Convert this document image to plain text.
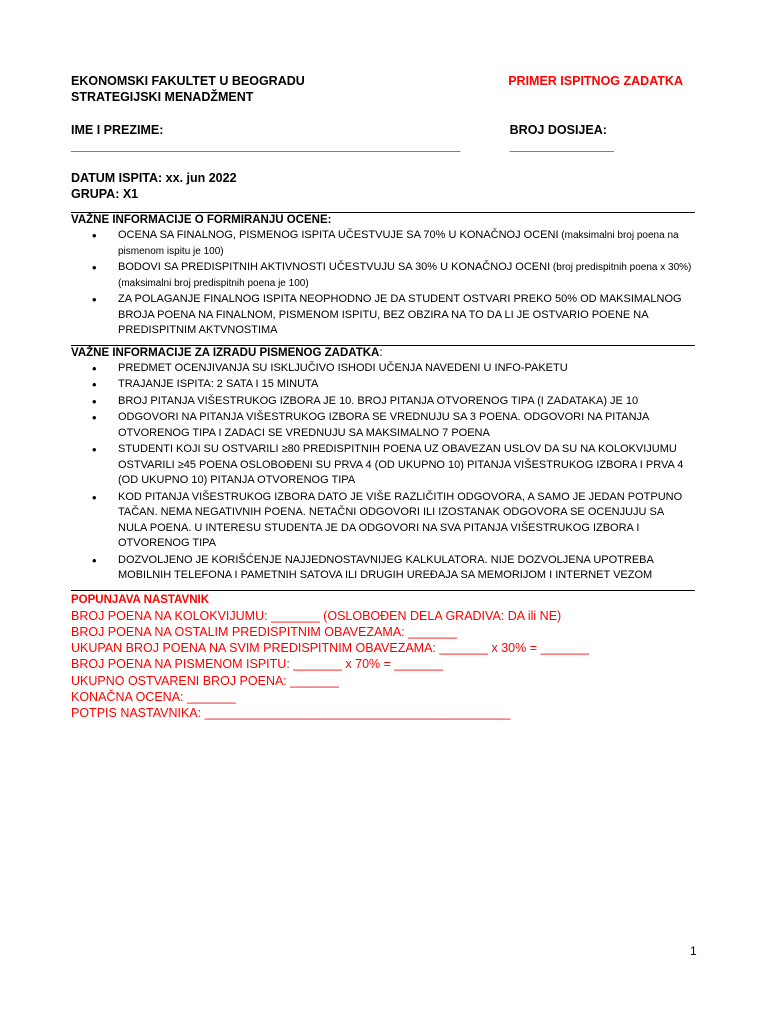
EKONOMSKI FAKULTET U BEOGRADU	PRIMER ISPITNOG ZADATKA
STRATEGIJSKI MENADŽMENT
IME I PREZIME: ________________________________________________________
BROJ DOSIJEA: _______________
DATUM ISPITA: xx. jun 2022
GRUPA: X1
VAŽNE INFORMACIJE O FORMIRANJU OCENE:
• OCENA SA FINALNOG, PISMENOG ISPITA UČESTVUJE SA 70% U KONAČNOJ OCENI (maksimalni broj poena na pismenom ispitu je 100)
• BODOVI SA PREDISPITNIH AKTIVNOSTI UČESTVUJU SA 30% U KONAČNOJ OCENI (broj predispitnih poena x 30%)(maksimalni broj predispitnih poena je 100)
• ZA POLAGANJE FINALNOG ISPITA NEOPHODNO JE DA STUDENT OSTVARI PREKO 50% OD MAKSIMALNOG BROJA POENA NA FINALNOM, PISMENOM ISPITU, BEZ OBZIRA NA TO DA LI JE OSTVARIO POENE NA PREDISPITNIM AKTVNOSTIMA
VAŽNE INFORMACIJE ZA IZRADU PISMENOG ZADATKA:
• PREDMET OCENJIVANJA SU ISKLJUČIVO ISHODI UČENJA NAVEDENI U INFO-PAKETU
• TRAJANJE ISPITA: 2 SATA I 15 MINUTA
• BROJ PITANJA VIŠESTRUKOG IZBORA JE 10. BROJ PITANJA OTVORENOG TIPA (I ZADATAKA) JE 10
• ODGOVORI NA PITANJA VIŠESTRUKOG IZBORA SE VREDNUJU SA 3 POENA. ODGOVORI NA PITANJA OTVORENOG TIPA I ZADACI SE VREDNUJU SA MAKSIMALNO 7 POENA
• STUDENTI KOJI SU OSTVARILI ≥80 PREDISPITNIH POENA UZ OBAVEZAN USLOV DA SU NA KOLOKVIJUMU OSTVARILI ≥45 POENA OSLOBOĐENI SU PRVA 4 (OD UKUPNO 10) PITANJA VIŠESTRUKOG IZBORA I PRVA 4 (OD UKUPNO 10) PITANJA OTVORENOG TIPA
• KOD PITANJA VIŠESTRUKOG IZBORA DATO JE VIŠE RAZLIČITIH ODGOVORA, A SAMO JE JEDAN POTPUNO TAČAN. NEMA NEGATIVNIH POENA. NETAČNI ODGOVORI ILI IZOSTANAK ODGOVORA SE OCENJUJU SA NULA POENA. U INTERESU STUDENTA JE DA ODGOVORI NA SVA PITANJA VIŠESTRUKOG IZBORA I OTVORENOG TIPA
• DOZVOLJENO JE KORIŠĆENJE NAJJEDNOSTAVNIJEG KALKULATORA. NIJE DOZVOLJENA UPOTREBA MOBILNIH TELEFONA I PAMETNIH SATOVA ILI DRUGIH UREĐAJA SA MEMORIJOM I INTERNET VEZOM
POPUNJAVA NASTAVNIK
BROJ POENA NA KOLOKVIJUMU: _______ (OSLOBOĐEN DELA GRADIVA: DA ili NE)
BROJ POENA NA OSTALIM PREDISPITNIM OBAVEZAMA: _______
UKUPAN BROJ POENA NA SVIM PREDISPITNIM OBAVEZAMA: _______ x 30% = _______
BROJ POENA NA PISMENOM ISPITU: _______ x 70% = _______
UKUPNO OSTVARENI BROJ POENA: _______
KONAČNA OCENA: _______
POTPIS NASTAVNIKA: ____________________________________________
1
